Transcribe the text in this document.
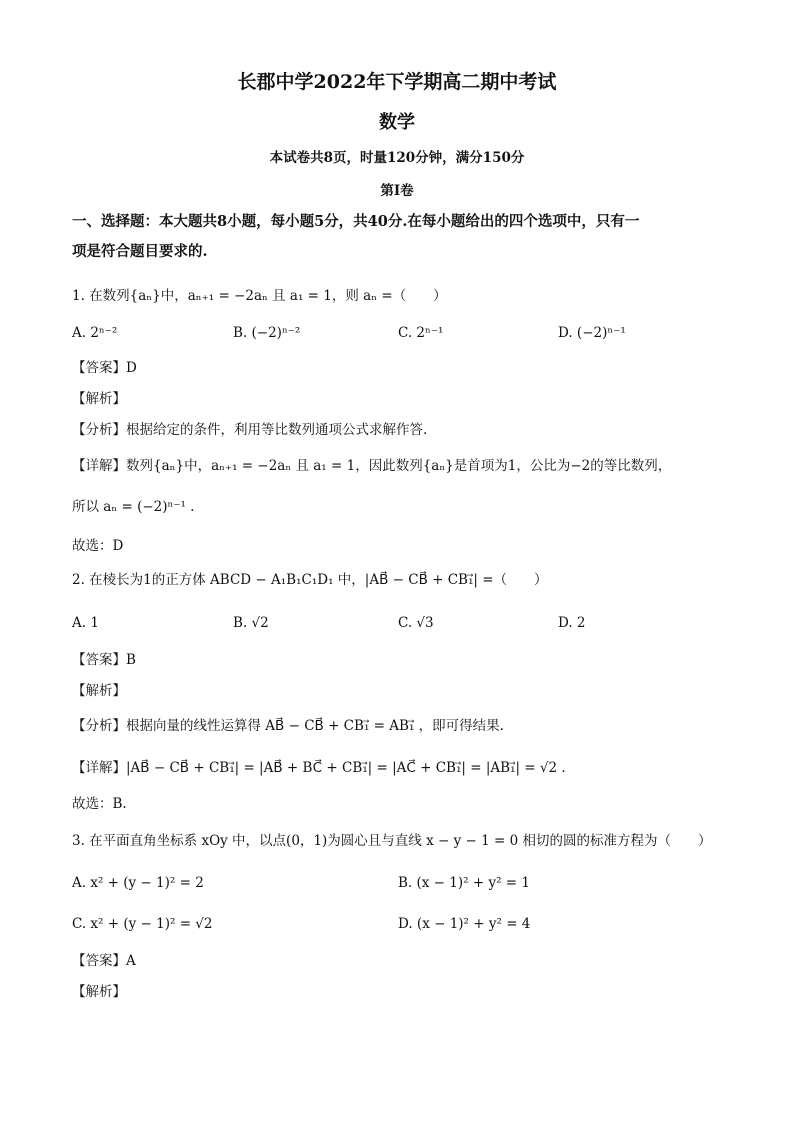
长郡中学2022年下学期高二期中考试
数学
本试卷共8页，时量120分钟，满分150分
第Ⅰ卷
一、选择题：本大题共8小题，每小题5分，共40分.在每小题给出的四个选项中，只有一
项是符合题目要求的.
1. 在数列{aₙ}中，aₙ₊₁ = −2aₙ 且 a₁ = 1，则 aₙ =（　　）
A. 2ⁿ⁻²	B. (−2)ⁿ⁻²	C. 2ⁿ⁻¹	D. (−2)ⁿ⁻¹
【答案】D
【解析】
【分析】根据给定的条件，利用等比数列通项公式求解作答.
【详解】数列{aₙ}中，aₙ₊₁ = −2aₙ 且 a₁ = 1，因此数列{aₙ}是首项为1，公比为−2的等比数列，
所以 aₙ = (−2)ⁿ⁻¹ .
故选：D
2. 在棱长为1的正方体 ABCD − A₁B₁C₁D₁ 中，|AB⃗ − CB⃗ + CB₁⃗| =（　　）
A. 1	B. √2	C. √3	D. 2
【答案】B
【解析】
【分析】根据向量的线性运算得 AB⃗ − CB⃗ + CB₁⃗ = AB₁⃗ ，即可得结果.
【详解】|AB⃗ − CB⃗ + CB₁⃗| = |AB⃗ + BC⃗ + CB₁⃗| = |AC⃗ + CB₁⃗| = |AB₁⃗| = √2 .
故选：B.
3. 在平面直角坐标系 xOy 中，以点(0，1)为圆心且与直线 x − y − 1 = 0 相切的圆的标准方程为（　　）
A. x² + (y − 1)² = 2	B. (x − 1)² + y² = 1
C. x² + (y − 1)² = √2	D. (x − 1)² + y² = 4
【答案】A
【解析】
